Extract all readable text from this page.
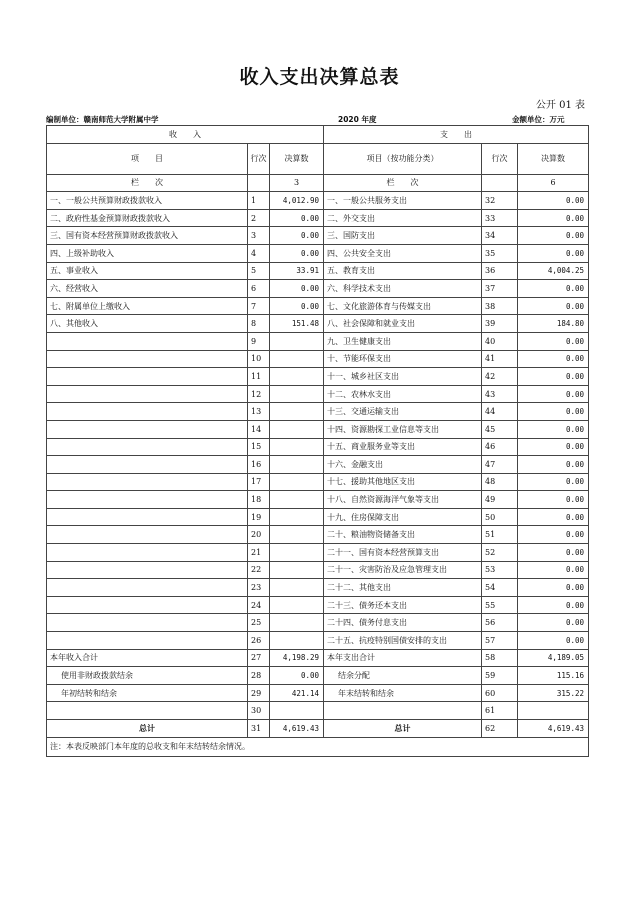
收入支出决算总表
公开 01 表
编制单位：赣南师范大学附属中学	2020 年度	金额单位：万元
收　　入			支　　出		
项　　目	行次	决算数	项目（按功能分类）	行次	决算数
栏　　次		3	栏　　次		6
一、一般公共预算财政拨款收入	1	4,012.90	一、一般公共服务支出	32	0.00
二、政府性基金预算财政拨款收入	2	0.00	二、外交支出	33	0.00
三、国有资本经营预算财政拨款收入	3	0.00	三、国防支出	34	0.00
四、上级补助收入	4	0.00	四、公共安全支出	35	0.00
五、事业收入	5	33.91	五、教育支出	36	4,004.25
六、经营收入	6	0.00	六、科学技术支出	37	0.00
七、附属单位上缴收入	7	0.00	七、文化旅游体育与传媒支出	38	0.00
八、其他收入	8	151.48	八、社会保障和就业支出	39	184.80
	9		九、卫生健康支出	40	0.00
	10		十、节能环保支出	41	0.00
	11		十一、城乡社区支出	42	0.00
	12		十二、农林水支出	43	0.00
	13		十三、交通运输支出	44	0.00
	14		十四、资源勘探工业信息等支出	45	0.00
	15		十五、商业服务业等支出	46	0.00
	16		十六、金融支出	47	0.00
	17		十七、援助其他地区支出	48	0.00
	18		十八、自然资源海洋气象等支出	49	0.00
	19		十九、住房保障支出	50	0.00
	20		二十、粮油物资储备支出	51	0.00
	21		二十一、国有资本经营预算支出	52	0.00
	22		二十一、灾害防治及应急管理支出	53	0.00
	23		二十二、其他支出	54	0.00
	24		二十三、债务还本支出	55	0.00
	25		二十四、债务付息支出	56	0.00
	26		二十五、抗疫特别国债安排的支出	57	0.00
本年收入合计	27	4,198.29	本年支出合计	58	4,189.05
使用非财政拨款结余	28	0.00	结余分配	59	115.16
年初结转和结余	29	421.14	年末结转和结余	60	315.22
	30			61	
总计	31	4,619.43	总计	62	4,619.43
注：本表反映部门本年度的总收支和年末结转结余情况。					
